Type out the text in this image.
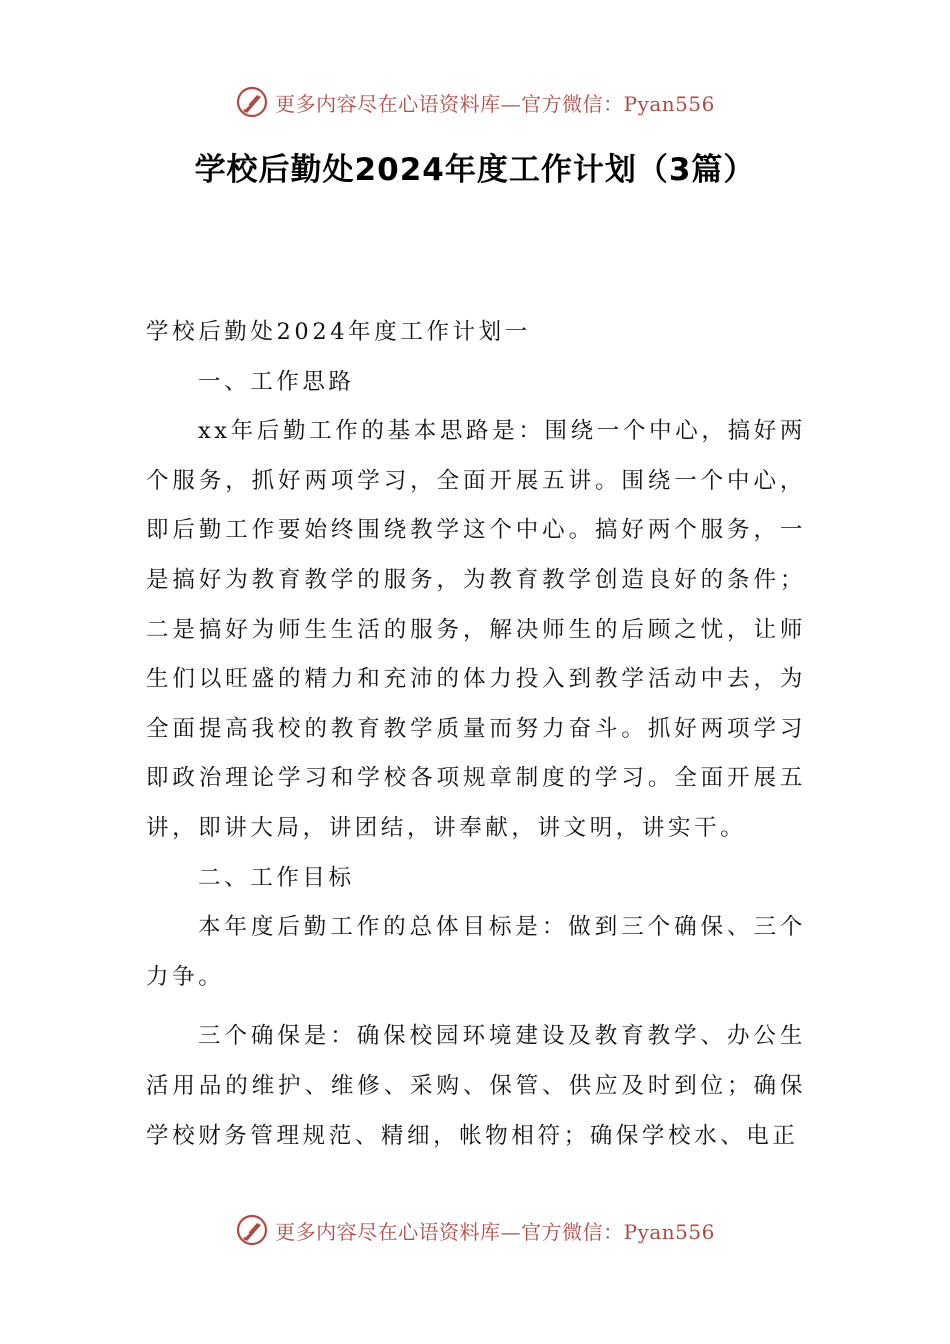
更多内容尽在心语资料库—官方微信：Pyan556
学校后勤处2024年度工作计划（3篇）
学校后勤处2024年度工作计划一
一、工作思路

xx年后勤工作的基本思路是：围绕一个中心，搞好两个服务，抓好两项学习，全面开展五讲。围绕一个中心，即后勤工作要始终围绕教学这个中心。搞好两个服务，一是搞好为教育教学的服务，为教育教学创造良好的条件；二是搞好为师生生活的服务，解决师生的后顾之忧，让师生们以旺盛的精力和充沛的体力投入到教学活动中去，为全面提高我校的教育教学质量而努力奋斗。抓好两项学习即政治理论学习和学校各项规章制度的学习。全面开展五讲，即讲大局，讲团结，讲奉献，讲文明，讲实干。

二、工作目标

本年度后勤工作的总体目标是：做到三个确保、三个力争。

三个确保是：确保校园环境建设及教育教学、办公生活用品的维护、维修、采购、保管、供应及时到位；确保学校财务管理规范、精细，帐物相符；确保学校水、电正

更多内容尽在心语资料库—官方微信：Pyan556
